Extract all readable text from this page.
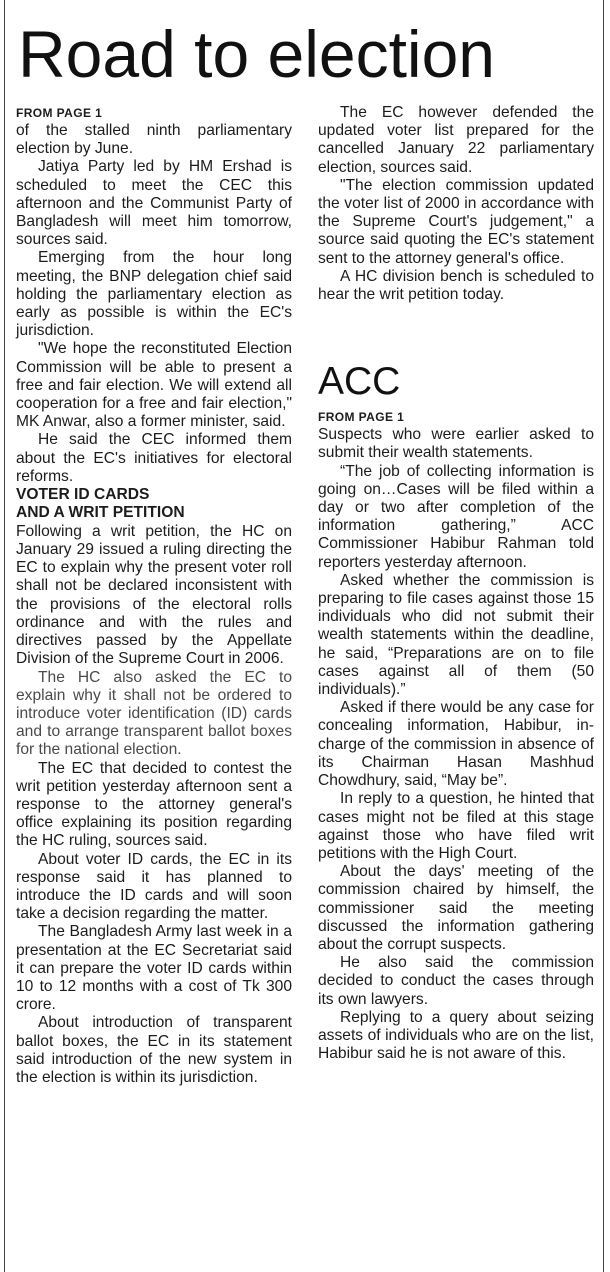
Road to election
FROM PAGE 1

of the stalled ninth parliamentary election by June.

Jatiya Party led by HM Ershad is scheduled to meet the CEC this afternoon and the Communist Party of Bangladesh will meet him tomorrow, sources said.

Emerging from the hour long meeting, the BNP delegation chief said holding the parliamentary election as early as possible is within the EC's jurisdiction.

"We hope the reconstituted Election Commission will be able to present a free and fair election. We will extend all cooperation for a free and fair election," MK Anwar, also a former minister, said.

He said the CEC informed them about the EC's initiatives for electoral reforms.

VOTER ID CARDS
AND A WRIT PETITION

Following a writ petition, the HC on January 29 issued a ruling directing the EC to explain why the present voter roll shall not be declared inconsistent with the provisions of the electoral rolls ordinance and with the rules and directives passed by the Appellate Division of the Supreme Court in 2006.

The HC also asked the EC to explain why it shall not be ordered to introduce voter identification (ID) cards and to arrange transparent ballot boxes for the national election.

The EC that decided to contest the writ petition yesterday afternoon sent a response to the attorney general's office explaining its position regarding the HC ruling, sources said.

About voter ID cards, the EC in its response said it has planned to introduce the ID cards and will soon take a decision regarding the matter.

The Bangladesh Army last week in a presentation at the EC Secretariat said it can prepare the voter ID cards within 10 to 12 months with a cost of Tk 300 crore.

About introduction of transparent ballot boxes, the EC in its statement said introduction of the new system in the election is within its jurisdiction.

The EC however defended the updated voter list prepared for the cancelled January 22 parliamentary election, sources said.

"The election commission updated the voter list of 2000 in accordance with the Supreme Court's judgement," a source said quoting the EC's statement sent to the attorney general's office.

A HC division bench is scheduled to hear the writ petition today.

ACC
FROM PAGE 1

Suspects who were earlier asked to submit their wealth statements.

“The job of collecting information is going on…Cases will be filed within a day or two after completion of the information gathering,” ACC Commissioner Habibur Rahman told reporters yesterday afternoon.

Asked whether the commission is preparing to file cases against those 15 individuals who did not submit their wealth statements within the deadline, he said, “Preparations are on to file cases against all of them (50 individuals).”

Asked if there would be any case for concealing information, Habibur, in-charge of the commission in absence of its Chairman Hasan Mashhud Chowdhury, said, “May be”.

In reply to a question, he hinted that cases might not be filed at this stage against those who have filed writ petitions with the High Court.

About the days' meeting of the commission chaired by himself, the commissioner said the meeting discussed the information gathering about the corrupt suspects.

He also said the commission decided to conduct the cases through its own lawyers.

Replying to a query about seizing assets of individuals who are on the list, Habibur said he is not aware of this.
